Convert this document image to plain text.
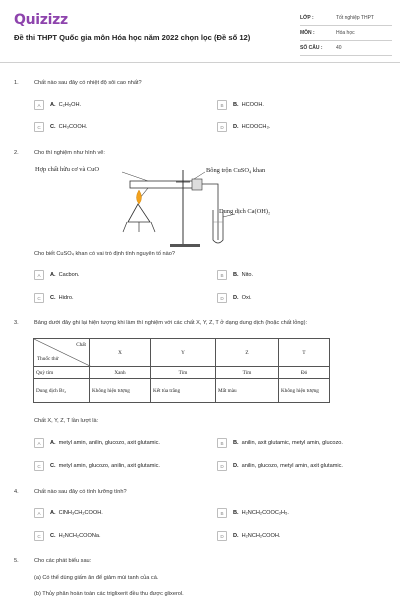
Quizizz
Đề thi THPT Quốc gia môn Hóa học năm 2022 chọn lọc (Đề số 12)
LỚP :	Tốt nghiệp THPT
MÔN :	Hóa học
SỐ CÂU :	40
1.	Chất nào sau đây có nhiệt độ sôi cao nhất?
A	A. C₂H₅OH.	B	B. HCOOH.
C	C. CH₃COOH.	D	D. HCOOCH₃.
2.	Cho thí nghiệm như hình vẽ:
Hợp chất hữu cơ và CuO	Bông trộn CuSO₄ khan
Dung dịch Ca(OH)₂
Cho biết CuSO₄ khan có vai trò định tính nguyên tố nào?
A	A. Cacbon.	B	B. Nito.
C	C. Hidro.	D	D. Oxi.
3.	Bảng dưới đây ghi lại hiện tượng khi làm thí nghiệm với các chất X, Y, Z, T ở dạng dung dịch (hoặc chất lỏng):
Chất
Thuốc thử	X	Y	Z	T
Quỳ tím	Xanh	Tím	Tím	Đỏ
Dung dịch Br₂	Không hiện tượng	Kết tủa trắng	Mất màu	Không hiện tượng
Chất X, Y, Z, T lần lượt là:
A	A. metyl amin, anilin, glucozo, axit glutamic.	B	B. anilin, axit glutamic, metyl amin, glucozo.
C	C. metyl amin, glucozo, anilin, axit glutamic.	D	D. anilin, glucozo, metyl amin, axit glutamic.
4.	Chất nào sau đây có tính lưỡng tính?
A	A. ClNH₃CH₂COOH.	B	B. H₂NCH₂COOC₂H₅.
C	C. H₂NCH₂COONa.	D	D. H₂NCH₂COOH.
5.	Cho các phát biểu sau:
(a) Có thể dùng giấm ăn để giảm mùi tanh của cá.
(b) Thủy phân hoàn toàn các triglixerit đều thu được glixerol.
